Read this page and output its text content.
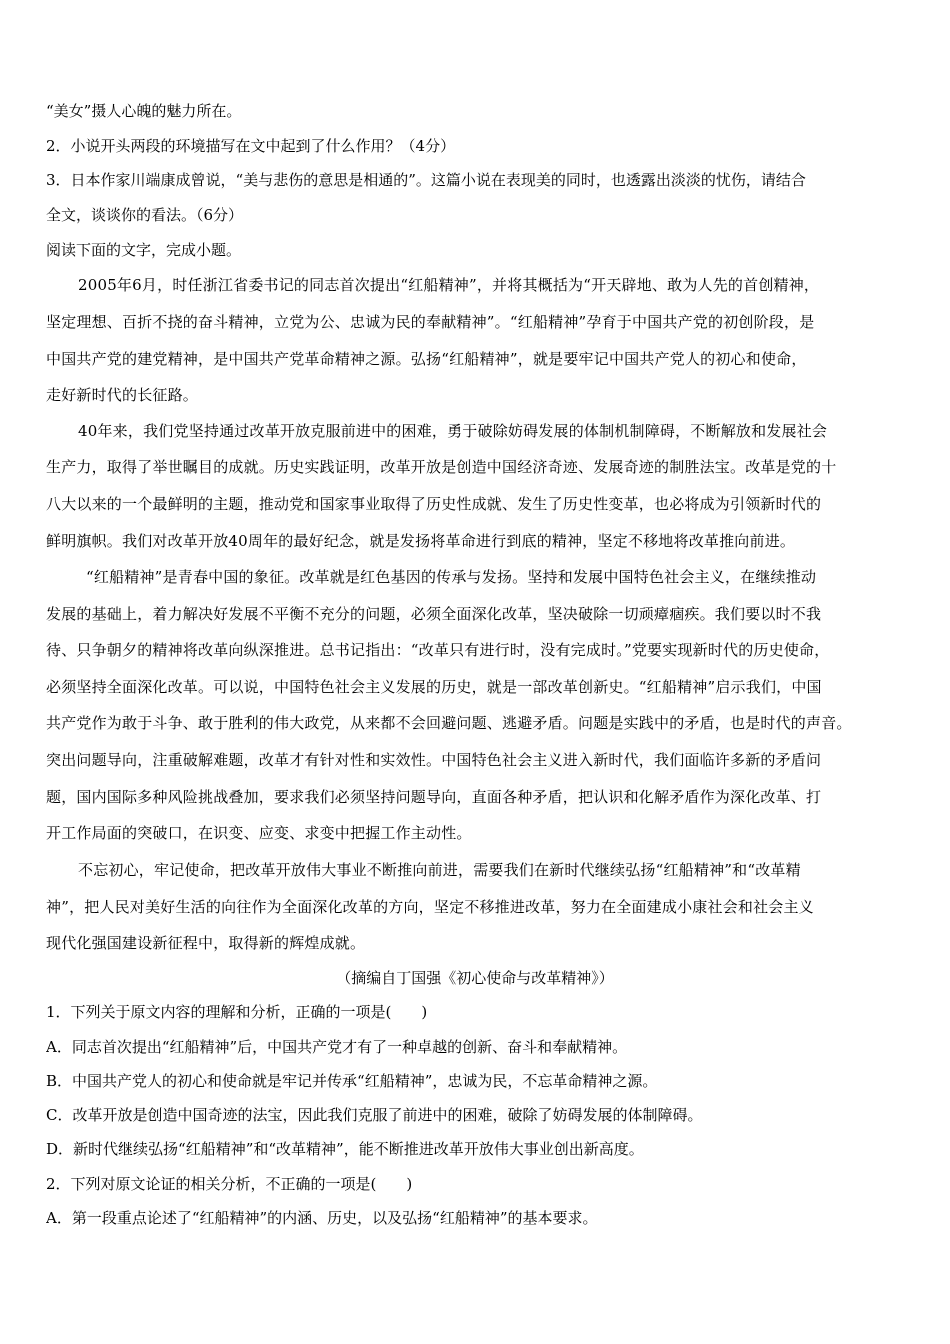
“美女”摄人心魄的魅力所在。
2．小说开头两段的环境描写在文中起到了什么作用？（4分）
3．日本作家川端康成曾说，“美与悲伤的意思是相通的”。这篇小说在表现美的同时，也透露出淡淡的忧伤，请结合
全文，谈谈你的看法。（6分）
阅读下面的文字，完成小题。
2005年6月，时任浙江省委书记的同志首次提出“红船精神”，并将其概括为“开天辟地、敢为人先的首创精神，
坚定理想、百折不挠的奋斗精神，立党为公、忠诚为民的奉献精神”。“红船精神”孕育于中国共产党的初创阶段，是
中国共产党的建党精神，是中国共产党革命精神之源。弘扬“红船精神”，就是要牢记中国共产党人的初心和使命，
走好新时代的长征路。
40年来，我们党坚持通过改革开放克服前进中的困难，勇于破除妨碍发展的体制机制障碍，不断解放和发展社会
生产力，取得了举世瞩目的成就。历史实践证明，改革开放是创造中国经济奇迹、发展奇迹的制胜法宝。改革是党的十
八大以来的一个最鲜明的主题，推动党和国家事业取得了历史性成就、发生了历史性变革，也必将成为引领新时代的
鲜明旗帜。我们对改革开放40周年的最好纪念，就是发扬将革命进行到底的精神，坚定不移地将改革推向前进。
“红船精神”是青春中国的象征。改革就是红色基因的传承与发扬。坚持和发展中国特色社会主义，在继续推动
发展的基础上，着力解决好发展不平衡不充分的问题，必须全面深化改革，坚决破除一切顽瘴痼疾。我们要以时不我
待、只争朝夕的精神将改革向纵深推进。总书记指出：“改革只有进行时，没有完成时。”党要实现新时代的历史使命，
必须坚持全面深化改革。可以说，中国特色社会主义发展的历史，就是一部改革创新史。“红船精神”启示我们，中国
共产党作为敢于斗争、敢于胜利的伟大政党，从来都不会回避问题、逃避矛盾。问题是实践中的矛盾，也是时代的声音。
突出问题导向，注重破解难题，改革才有针对性和实效性。中国特色社会主义进入新时代，我们面临许多新的矛盾问
题，国内国际多种风险挑战叠加，要求我们必须坚持问题导向，直面各种矛盾，把认识和化解矛盾作为深化改革、打
开工作局面的突破口，在识变、应变、求变中把握工作主动性。
不忘初心，牢记使命，把改革开放伟大事业不断推向前进，需要我们在新时代继续弘扬“红船精神”和“改革精
神”，把人民对美好生活的向往作为全面深化改革的方向，坚定不移推进改革，努力在全面建成小康社会和社会主义
现代化强国建设新征程中，取得新的辉煌成就。
（摘编自丁国强《初心使命与改革精神》）
1．下列关于原文内容的理解和分析，正确的一项是(　　)
A．同志首次提出“红船精神”后，中国共产党才有了一种卓越的创新、奋斗和奉献精神。
B．中国共产党人的初心和使命就是牢记并传承“红船精神”，忠诚为民，不忘革命精神之源。
C．改革开放是创造中国奇迹的法宝，因此我们克服了前进中的困难，破除了妨碍发展的体制障碍。
D．新时代继续弘扬“红船精神”和“改革精神”，能不断推进改革开放伟大事业创出新高度。
2．下列对原文论证的相关分析，不正确的一项是(　　)
A．第一段重点论述了“红船精神”的内涵、历史，以及弘扬“红船精神”的基本要求。
